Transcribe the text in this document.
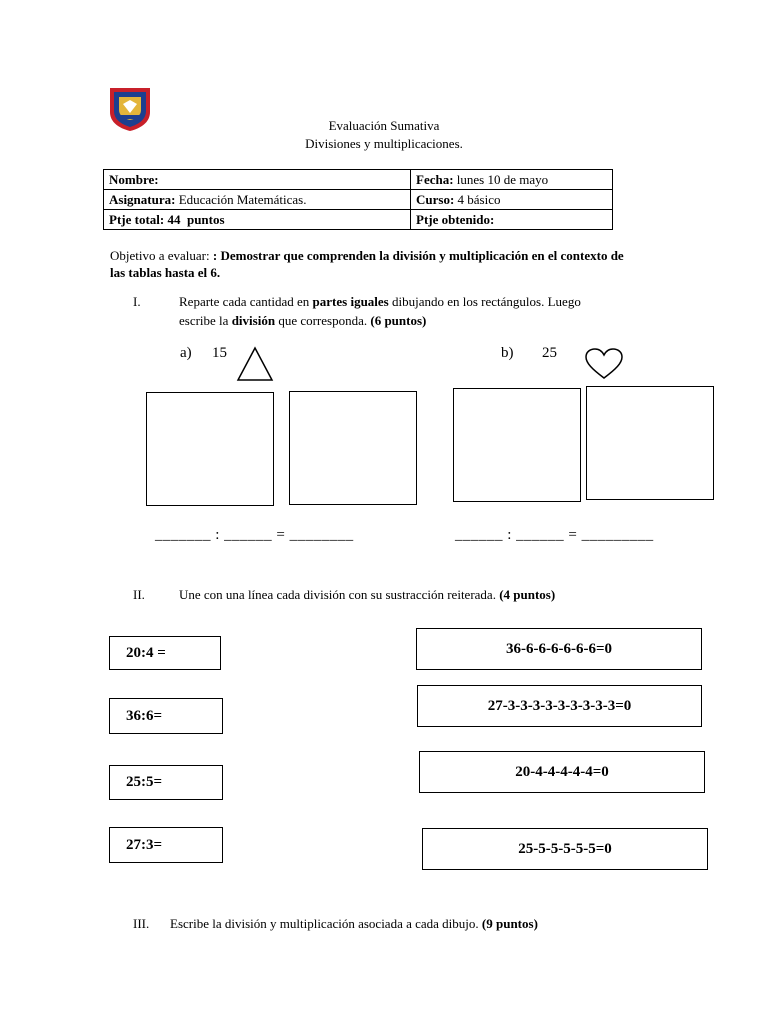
Evaluación Sumativa
Divisiones y multiplicaciones.
Nombre:	Fecha: lunes 10 de mayo
Asignatura: Educación Matemáticas.	Curso: 4 básico
Ptje total: 44  puntos	Ptje obtenido:
Objetivo a evaluar: : Demostrar que comprenden la división y multiplicación en el contexto de las tablas hasta el 6.
I.	Reparte cada cantidad en partes iguales dibujando en los rectángulos. Luego
escribe la división que corresponda. (6 puntos)
a) 15	b) 25
_______ : ______ = ________	______ : ______ = _________
II.	Une con una línea cada división con su sustracción reiterada. (4 puntos)
20:4 =
36:6=
25:5=
27:3=
36-6-6-6-6-6-6=0
27-3-3-3-3-3-3-3-3-3=0
20-4-4-4-4-4=0
25-5-5-5-5-5=0
III. Escribe la división y multiplicación asociada a cada dibujo. (9 puntos)
